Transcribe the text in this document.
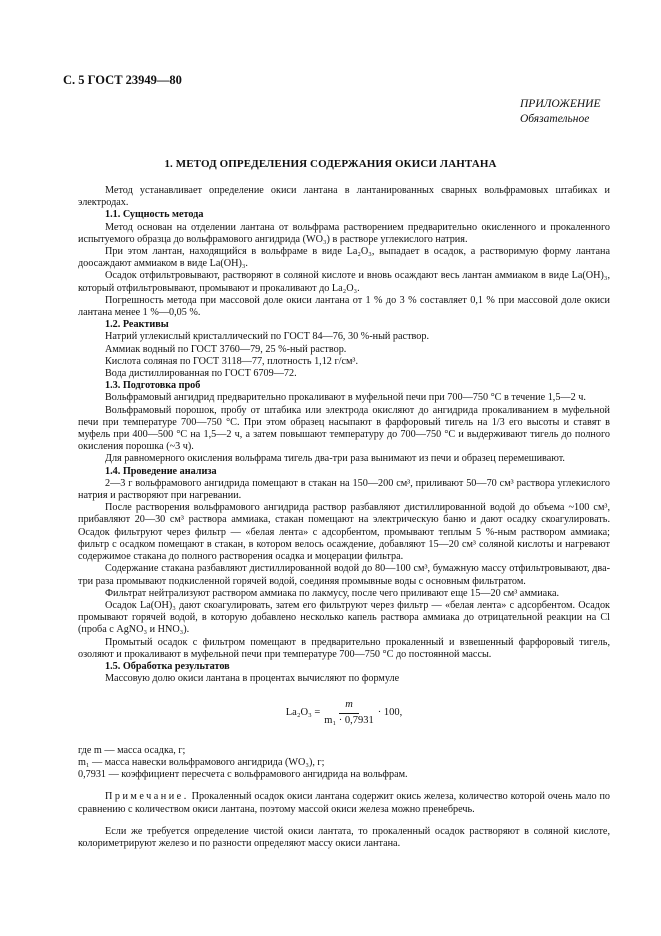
С. 5 ГОСТ 23949—80
ПРИЛОЖЕНИЕ
Обязательное
1. МЕТОД ОПРЕДЕЛЕНИЯ СОДЕРЖАНИЯ ОКИСИ ЛАНТАНА

Метод устанавливает определение окиси лантана в лантанированных сварных вольфрамовых штабиках и электродах.

1.1. Сущность метода

Метод основан на отделении лантана от вольфрама растворением предварительно окисленного и прокаленного испытуемого образца до вольфрамового ангидрида (WO₃) в растворе углекислого натрия.

При этом лантан, находящийся в вольфраме в виде La₂O₃, выпадает в осадок, а растворимую форму лантана доосаждают аммиаком в виде La(OH)₃.

Осадок отфильтровывают, растворяют в соляной кислоте и вновь осаждают весь лантан аммиаком в виде La(OH)₃, который отфильтровывают, промывают и прокаливают до La₂O₃.

Погрешность метода при массовой доле окиси лантана от 1 % до 3 % составляет 0,1 % при массовой доле окиси лантана менее 1 %—0,05 %.

1.2. Реактивы

Натрий углекислый кристаллический по ГОСТ 84—76, 30 %-ный раствор.

Аммиак водный по ГОСТ 3760—79, 25 %-ный раствор.

Кислота соляная по ГОСТ 3118—77, плотность 1,12 г/см³.

Вода дистиллированная по ГОСТ 6709—72.

1.3. Подготовка проб

Вольфрамовый ангидрид предварительно прокаливают в муфельной печи при 700—750 °С в течение 1,5—2 ч.

Вольфрамовый порошок, пробу от штабика или электрода окисляют до ангидрида прокаливанием в муфельной печи при температуре 700—750 °С. При этом образец насыпают в фарфоровый тигель на 1/3 его высоты и ставят в муфель при 400—500 °С на 1,5—2 ч, а затем повышают температуру до 700—750 °С и выдерживают тигель до полного окисления порошка (~3 ч).

Для равномерного окисления вольфрама тигель два-три раза вынимают из печи и образец перемешивают.

1.4. Проведение анализа

2—3 г вольфрамового ангидрида помещают в стакан на 150—200 см³, приливают 50—70 см³ раствора углекислого натрия и растворяют при нагревании.

После растворения вольфрамового ангидрида раствор разбавляют дистиллированной водой до объема ~100 см³, прибавляют 20—30 см³ раствора аммиака, стакан помещают на электрическую баню и дают осадку скоагулировать. Осадок фильтруют через фильтр — «белая лента» с адсорбентом, промывают теплым 5 %-ным раствором аммиака; фильтр с осадком помещают в стакан, в котором велось осаждение, добавляют 15—20 см³ соляной кислоты и нагревают содержимое стакана до полного растворения осадка и моцерации фильтра.

Содержание стакана разбавляют дистиллированной водой до 80—100 см³, бумажную массу отфильтровывают, два-три раза промывают подкисленной горячей водой, соединяя промывные воды с основным фильтратом.

Фильтрат нейтрализуют раствором аммиака по лакмусу, после чего приливают еще 15—20 см³ аммиака.

Осадок La(OH)₃ дают скоагулировать, затем его фильтруют через фильтр — «белая лента» с адсорбентом. Осадок промывают горячей водой, в которую добавлено несколько капель раствора аммиака до отрицательной реакции на Cl (проба с AgNO₃ и HNO₃).

Промытый осадок с фильтром помещают в предварительно прокаленный и взвешенный фарфоровый тигель, озоляют и прокаливают в муфельной печи при температуре 700—750 °С до постоянной массы.

1.5. Обработка результатов

Массовую долю окиси лантана в процентах вычисляют по формуле

$La_2O_3 = \frac{m}{\text{m₁ · 0,7931}} \cdot 100$,

где m — масса осадка, г;

m₁ — масса навески вольфрамового ангидрида (WO₃), г;

0,7931 — коэффициент пересчета с вольфрамового ангидрида на вольфрам.

Примечание. Прокаленный осадок окиси лантана содержит окись железа, количество которой очень мало по сравнению с количеством окиси лантана, поэтому массой окиси железа можно пренебречь.

Если же требуется определение чистой окиси лантата, то прокаленный осадок растворяют в соляной кислоте, колориметрируют железо и по разности определяют массу окиси лантана.
